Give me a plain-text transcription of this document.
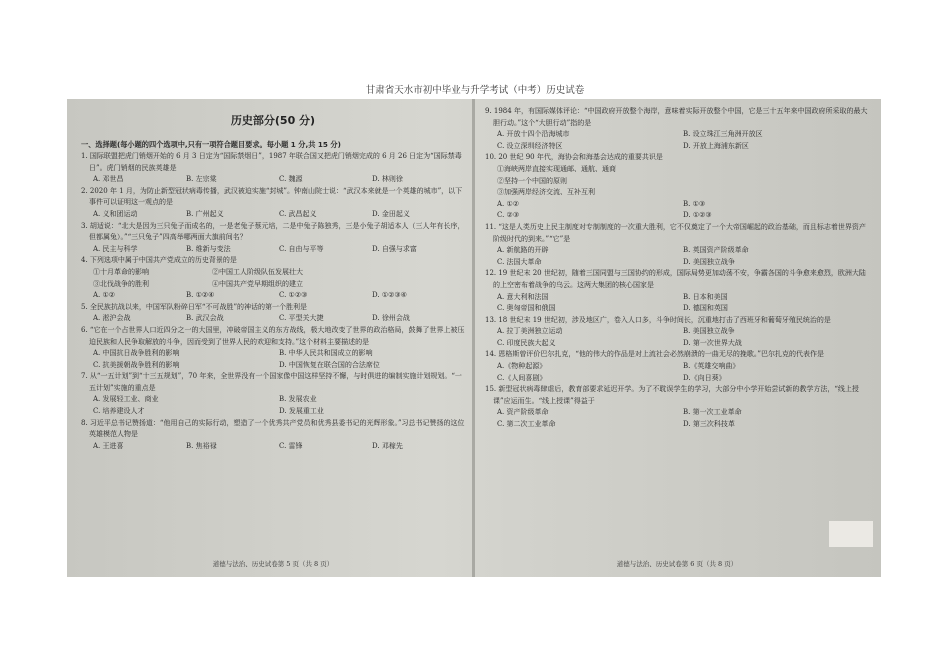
甘肃省天水市初中毕业与升学考试（中考）历史试卷
历史部分(50 分)
一、选择题(每小题的四个选项中,只有一项符合题目要求。每小题 1 分,共 15 分)
1. 国际联盟把虎门销烟开始的 6 月 3 日定为“国际禁烟日”，1987 年联合国又把虎门销烟完成的 6 月 26 日定为“国际禁毒日”。虎门销烟的民族英雄是
A. 邓世昌	B. 左宗棠	C. 魏源	D. 林则徐
2. 2020 年 1 月，为防止新型冠状病毒传播，武汉被迫实施“封城”。钟南山院士说：“武汉本来就是一个英雄的城市”，以下事件可以证明这一观点的是
A. 义和团运动	B. 广州起义	C. 武昌起义	D. 金田起义
3. 胡适说：“北大是因为三只兔子而成名的，一是老兔子蔡元培，二是中兔子陈独秀，三是小兔子胡适本人（三人年有长序，但都属兔）。”“三只兔子”四高举哪两面大旗前间名？
A. 民主与科学	B. 维新与变法	C. 自由与平等	D. 自强与求富
4. 下列选项中属于中国共产党成立的历史背景的是
①十月革命的影响　　　　　　　　　②中国工人阶级队伍发展壮大
③北伐战争的胜利　　　　　　　　　④中国共产党早期组织的建立
A. ①②	B. ①②④	C. ①②③	D. ①②③④
5. 全民族抗战以来，中国军队粉碎日军“不可战胜”的神话的第一个胜利是
A. 淞沪会战	B. 武汉会战	C. 平型关大捷	D. 徐州会战
6. “它在一个占世界人口近四分之一的大国里，冲破帝国主义的东方战线，极大地改变了世界的政治格局，鼓舞了世界上被压迫民族和人民争取解放的斗争，因而受到了世界人民的欢迎和支持。”这个材料主要描述的是
A. 中国抗日战争胜利的影响	B. 中华人民共和国成立的影响
C. 抗美援朝战争胜利的影响	D. 中国恢复在联合国的合法席位
7. 从“一五计划”到“十三五规划”，70 年来，全世界没有一个国家像中国这样坚持不懈，与时俱进的编制实施计划规划。“一五计划”实施的重点是
A. 发展轻工业、商业	B. 发展农业
C. 培养建设人才	D. 发展重工业
8. 习近平总书记赞扬道：“他用自己的实际行动，塑造了一个优秀共产党员和优秀县委书记的光辉形象。”习总书记赞扬的这位英雄模范人物是
A. 王进喜	B. 焦裕禄	C. 雷锋	D. 邓稼先
道德与法治、历史试卷第 5 页（共 8 页）
9. 1984 年，有国际媒体评论：“中国政府开放整个海岸，意味着实际开放整个中国，它是三十五年来中国政府所采取的最大胆行动。”这个“大胆行动”指的是
A. 开放十四个沿海城市	B. 设立珠江三角洲开放区
C. 设立深圳经济特区	D. 开放上海浦东新区
10. 20 世纪 90 年代，海协会和海基会达成的重要共识是
①海峡两岸直接实现通邮、通航、通商
②坚持一个中国的原则
③加强两岸经济交流、互补互利
A. ①②	B. ①③
C. ②③	D. ①②③
11. “这是人类历史上民主制度对专制制度的一次重大胜利，它不仅奠定了一个大帝国崛起的政治基础，而且标志着世界资产阶级时代的到来。”“它”是
A. 新航路的开辟	B. 英国资产阶级革命
C. 法国大革命	D. 美国独立战争
12. 19 世纪末 20 世纪初，随着三国同盟与三国协约的形成，国际局势更加动荡不安，争霸各国的斗争愈来愈烈，欧洲大陆的上空密布着战争的乌云。这两大集团的核心国家是
A. 意大利和法国	B. 日本和美国
C. 奥匈帝国和俄国	D. 德国和英国
13. 18 世纪末 19 世纪初，涉及地区广，卷入人口多，斗争时间长，沉重地打击了西班牙和葡萄牙殖民统治的是
A. 拉丁美洲独立运动	B. 美国独立战争
C. 印度民族大起义	D. 第一次世界大战
14. 恩格斯曾评价巴尔扎克，“他的伟大的作品是对上流社会必然崩溃的一曲无尽的挽歌。”巴尔扎克的代表作是
A.《物种起源》	B.《英雄交响曲》
C.《人间喜剧》	D.《向日葵》
15. 新型冠状病毒肆虐后，教育部要求延迟开学。为了不耽误学生的学习，大部分中小学开始尝试新的教学方法，“线上授课”应运而生。“线上授课”得益于
A. 资产阶级革命	B. 第一次工业革命
C. 第二次工业革命	D. 第三次科技革
道德与法治、历史试卷第 6 页（共 8 页）
